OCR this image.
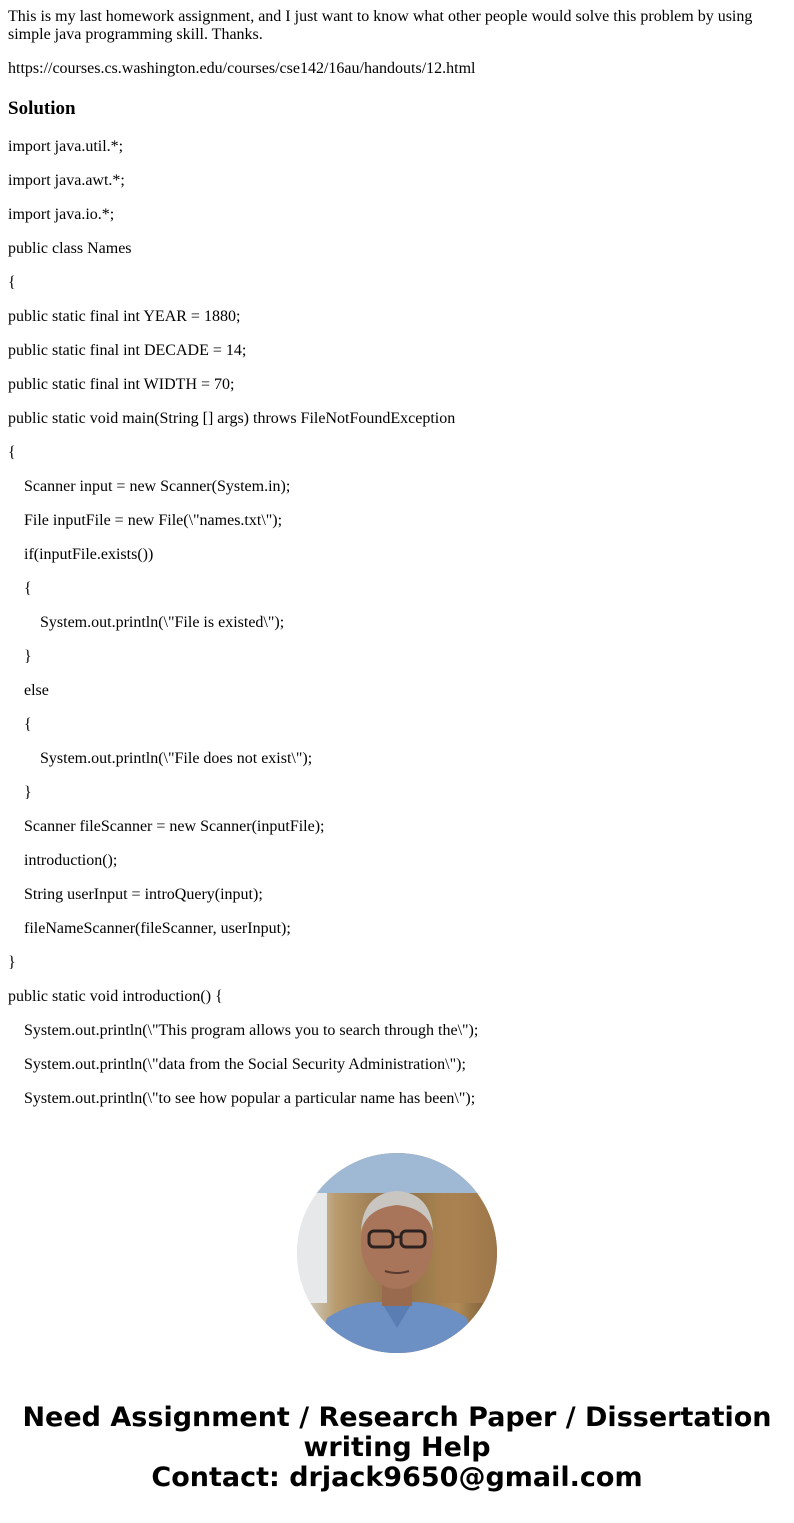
This is my last homework assignment, and I just want to know what other people would solve this problem by using simple java programming skill. Thanks.

https://courses.cs.washington.edu/courses/cse142/16au/handouts/12.html

Solution
import java.util.*;
import java.awt.*;
import java.io.*;
public class Names
{
public static final int YEAR = 1880;
public static final int DECADE = 14;
public static final int WIDTH = 70;
public static void main(String [] args) throws FileNotFoundException
{
Scanner input = new Scanner(System.in);
File inputFile = new File(\"names.txt\");
if(inputFile.exists())
{
System.out.println(\"File is existed\");
}
else
{
System.out.println(\"File does not exist\");
}
Scanner fileScanner = new Scanner(inputFile);
introduction();
String userInput = introQuery(input);
fileNameScanner(fileScanner, userInput);
}
public static void introduction() {
System.out.println(\"This program allows you to search through the\");
System.out.println(\"data from the Social Security Administration\");
System.out.println(\"to see how popular a particular name has been\");
Need Assignment / Research Paper / Dissertation
writing Help
Contact: drjack9650@gmail.com
